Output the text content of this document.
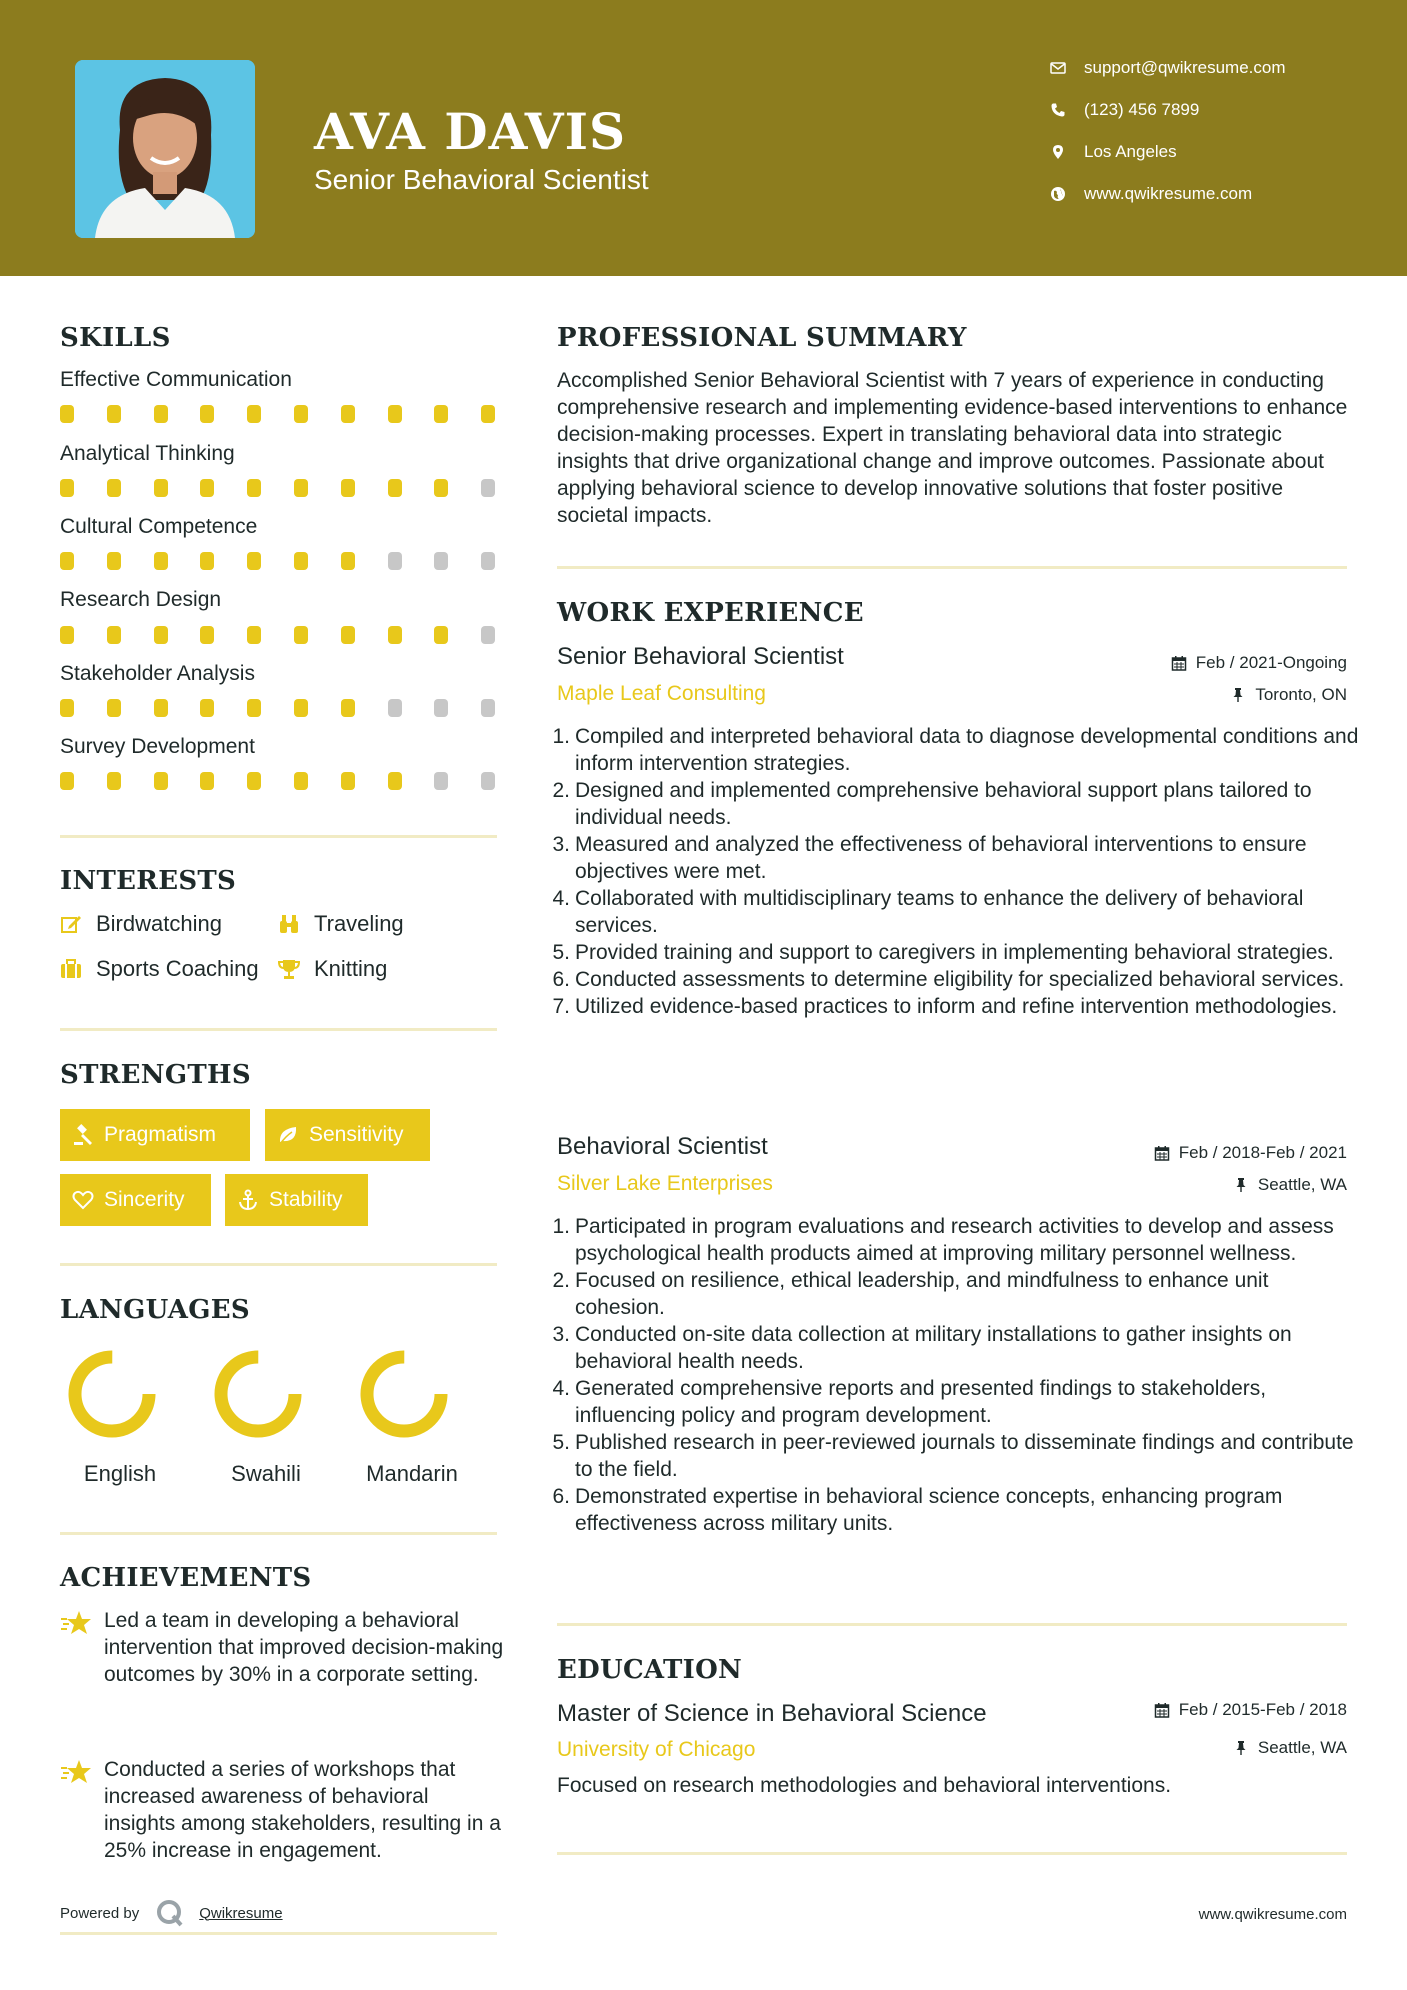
AVA DAVIS
Senior Behavioral Scientist
support@qwikresume.com
(123) 456 7899
Los Angeles
www.qwikresume.com
SKILLS
Effective Communication
Analytical Thinking
Cultural Competence
Research Design
Stakeholder Analysis
Survey Development
INTERESTS
Birdwatching	Traveling
Sports Coaching	Knitting
STRENGTHS
Pragmatism	Sensitivity
Sincerity	Stability
LANGUAGES
English	Swahili	Mandarin
ACHIEVEMENTS
Led a team in developing a behavioral intervention that improved decision-making outcomes by 30% in a corporate setting.
Conducted a series of workshops that increased awareness of behavioral insights among stakeholders, resulting in a 25% increase in engagement.
PROFESSIONAL SUMMARY
Accomplished Senior Behavioral Scientist with 7 years of experience in conducting comprehensive research and implementing evidence-based interventions to enhance decision-making processes. Expert in translating behavioral data into strategic insights that drive organizational change and improve outcomes. Passionate about applying behavioral science to develop innovative solutions that foster positive societal impacts.
WORK EXPERIENCE
Senior Behavioral Scientist	Feb / 2021-Ongoing
Maple Leaf Consulting	Toronto, ON
1. Compiled and interpreted behavioral data to diagnose developmental conditions and inform intervention strategies.
2. Designed and implemented comprehensive behavioral support plans tailored to individual needs.
3. Measured and analyzed the effectiveness of behavioral interventions to ensure objectives were met.
4. Collaborated with multidisciplinary teams to enhance the delivery of behavioral services.
5. Provided training and support to caregivers in implementing behavioral strategies.
6. Conducted assessments to determine eligibility for specialized behavioral services.
7. Utilized evidence-based practices to inform and refine intervention methodologies.
Behavioral Scientist	Feb / 2018-Feb / 2021
Silver Lake Enterprises	Seattle, WA
1. Participated in program evaluations and research activities to develop and assess psychological health products aimed at improving military personnel wellness.
2. Focused on resilience, ethical leadership, and mindfulness to enhance unit cohesion.
3. Conducted on-site data collection at military installations to gather insights on behavioral health needs.
4. Generated comprehensive reports and presented findings to stakeholders, influencing policy and program development.
5. Published research in peer-reviewed journals to disseminate findings and contribute to the field.
6. Demonstrated expertise in behavioral science concepts, enhancing program effectiveness across military units.
EDUCATION
Master of Science in Behavioral Science	Feb / 2015-Feb / 2018
University of Chicago	Seattle, WA
Focused on research methodologies and behavioral interventions.
Powered by	Qwikresume	www.qwikresume.com
